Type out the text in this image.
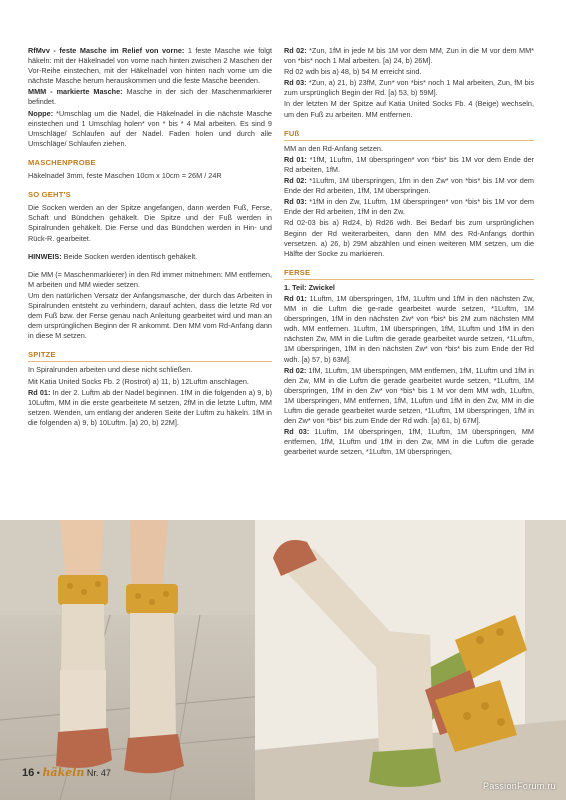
RfMvv - feste Masche im Relief von vorne: 1 feste Masche wie folgt häkeln: mit der Häkelnadel von vorne nach hinten zwischen 2 Maschen der Vor-Reihe einstechen, mit der Häkelnadel von hinten nach vorne um die nächste Masche herum herauskommen und die feste Masche beenden.

MMM - markierte Masche: Masche in der sich der Maschenmarkierer befindet.

Noppe: *Umschlag um die Nadel, die Häkelnadel in die nächste Masche einstechen und 1 Umschlag holen* von * bis * 4 Mal arbeiten. Es sind 9 Umschläge/ Schlaufen auf der Nadel. Faden holen und durch alle Umschläge/ Schlaufen ziehen.

MASCHENPROBE

Häkelnadel 3mm, feste Maschen 10cm x 10cm = 26M / 24R

SO GEHT'S

Die Socken werden an der Spitze angefangen, dann werden Fuß, Ferse, Schaft und Bündchen gehäkelt. Die Spitze und der Fuß werden in Spiralrunden gehäkelt. Die Ferse und das Bündchen werden in Hin- und Rück-R. gearbeitet.

HINWEIS: Beide Socken werden identisch gehäkelt.

Die MM (= Maschenmarkierer) in den Rd immer mitnehmen: MM entfernen, M arbeiten und MM wieder setzen.

Um den natürlichen Versatz der Anfangsmasche, der durch das Arbeiten in Spiralrunden entsteht zu verhindern, darauf achten, dass die letzte Rd vor dem Fuß bzw. der Ferse genau nach Anleitung gearbeitet wird und man an dem ursprünglichen Beginn der R ankommt. Den MM vom Rd-Anfang dann in diese M setzen.

SPITZE

In Spiralrunden arbeiten und diese nicht schließen.

Mit Katia United Socks Fb. 2 (Rostrot) a) 11, b) 12Luftm anschlagen.

Rd 01: In der 2. Luftm ab der Nadel beginnen. 1fM in die folgenden a) 9, b) 10Luftm, MM in die erste gearbeitete M setzen, 2fM in die letzte Luftm, MM setzen. Wenden, um entlang der anderen Seite der Luftm zu häkeln. 1fM in die folgenden a) 9, b) 10Luftm. [a) 20, b) 22M].

Rd 02: *Zun, 1fM in jede M bis 1M vor dem MM, Zun in die M vor dem MM* von *bis* noch 1 Mal arbeiten. [a) 24, b) 26M].

Rd 02 wdh bis a) 48, b) 54 M erreicht sind.

Rd 03: *Zun, a) 21, b) 23fM, Zun* von *bis* noch 1 Mal arbeiten, Zun, fM bis zum ursprünglich Begin der Rd. [a) 53, b) 59M].

In der letzten M der Spitze auf Katia United Socks Fb. 4 (Beige) wechseln, um den Fuß zu arbeiten. MM entfernen.

FUß

MM an den Rd-Anfang setzen.

Rd 01: *1fM, 1Luftm, 1M überspringen* von *bis* bis 1M vor dem Ende der Rd arbeiten, 1fM.

Rd 02: *1Luftm, 1M überspringen, 1fm in den Zw* von *bis* bis 1M vor dem Ende der Rd arbeiten, 1fM, 1M überspringen.

Rd 03: *1fM in den Zw, 1Luftm, 1M überspringen* von *bis* bis 1M vor dem Ende der Rd arbeiten, 1fM in den Zw.

Rd 02-03 bis a) Rd24, b) Rd26 wdh. Bei Bedarf bis zum ursprünglichen Beginn der Rd weiterarbeiten, dann den MM des Rd-Anfangs dorthin versetzen. a) 26, b) 29M abzählen und einen weiteren MM setzen, um die Hälfte der Socke zu markieren.

FERSE

1. Teil: Zwickel

Rd 01: 1Luftm, 1M überspringen, 1fM, 1Luftm und 1fM in den nächsten Zw, MM in die Luftm die ge-rade gearbeitet wurde setzen, *1Luftm, 1M überspringen, 1fM in den nächsten Zw* von *bis* bis 2M zum nächsten MM wdh. MM entfernen. 1Luftm, 1M überspringen, 1fM, 1Luftm und 1fM in den nächsten Zw, MM in die Luftm die gerade gearbeitet wurde setzen, *1Luftm, 1M überspringen, 1fM in den nächsten Zw* von *bis* bis zum Ende der Rd wdh. [a) 57, b) 63M].

Rd 02: 1fM, 1Luftm, 1M überspringen, MM entfernen, 1fM, 1Luftm und 1fM in den Zw, MM in die Luftm die gerade gearbeitet wurde setzen, *1Luftm, 1M überspringen, 1fM in den Zw* von *bis* bis 1 M vor dem MM wdh, 1Luftm, 1M überspringen, MM entfernen, 1fM, 1Luftm und 1fM in den Zw, MM in die Luftm die gerade gearbeitet wurde setzen, *1Luftm, 1M überspringen, 1fM in den Zw* von *bis* bis zum Ende der Rd wdh. [a) 61, b) 67M].

Rd 03: 1Luftm, 1M überspringen, 1fM, 1Luftm, 1M überspringen, MM entfernen, 1fM, 1Luftm und 1fM in den Zw, MM in die Luftm die gerade gearbeitet wurde setzen, *1Luftm, 1M überspringen,

16 • häkeln Nr. 47
PassionForum.ru
